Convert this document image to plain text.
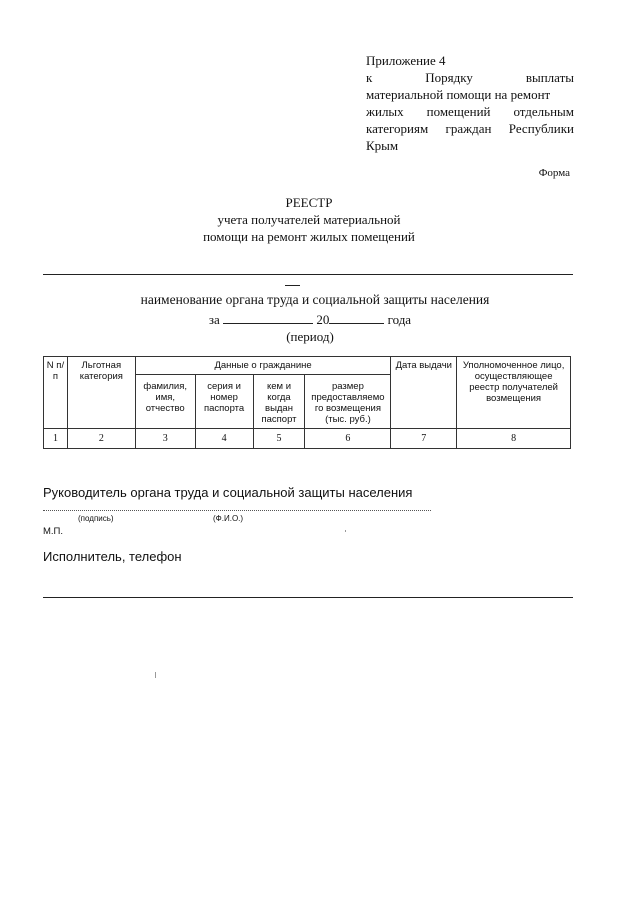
Приложение 4
к	Порядку	выплаты
материальной помощи на ремонт
жилых помещений отдельным
категориям граждан Республики
Крым
Форма
РЕЕСТР
учета получателей материальной
помощи на ремонт жилых помещений
наименование органа труда и социальной защиты населения
за	20	года
(период)
N п/п	Льготная категория	Данные о гражданине				Дата выдачи	Уполномоченное лицо, осуществляющее реестр получателей возмещения
		фамилия, имя, отчество	серия и номер паспорта	кем и когда выдан паспорт	размер предоставляемо го возмещения (тыс. руб.)		
1	2	3	4	5	6	7	8
Руководитель органа труда и социальной защиты населения
(подпись)	(Ф.И.О.)
М.П.
Исполнитель, телефон
